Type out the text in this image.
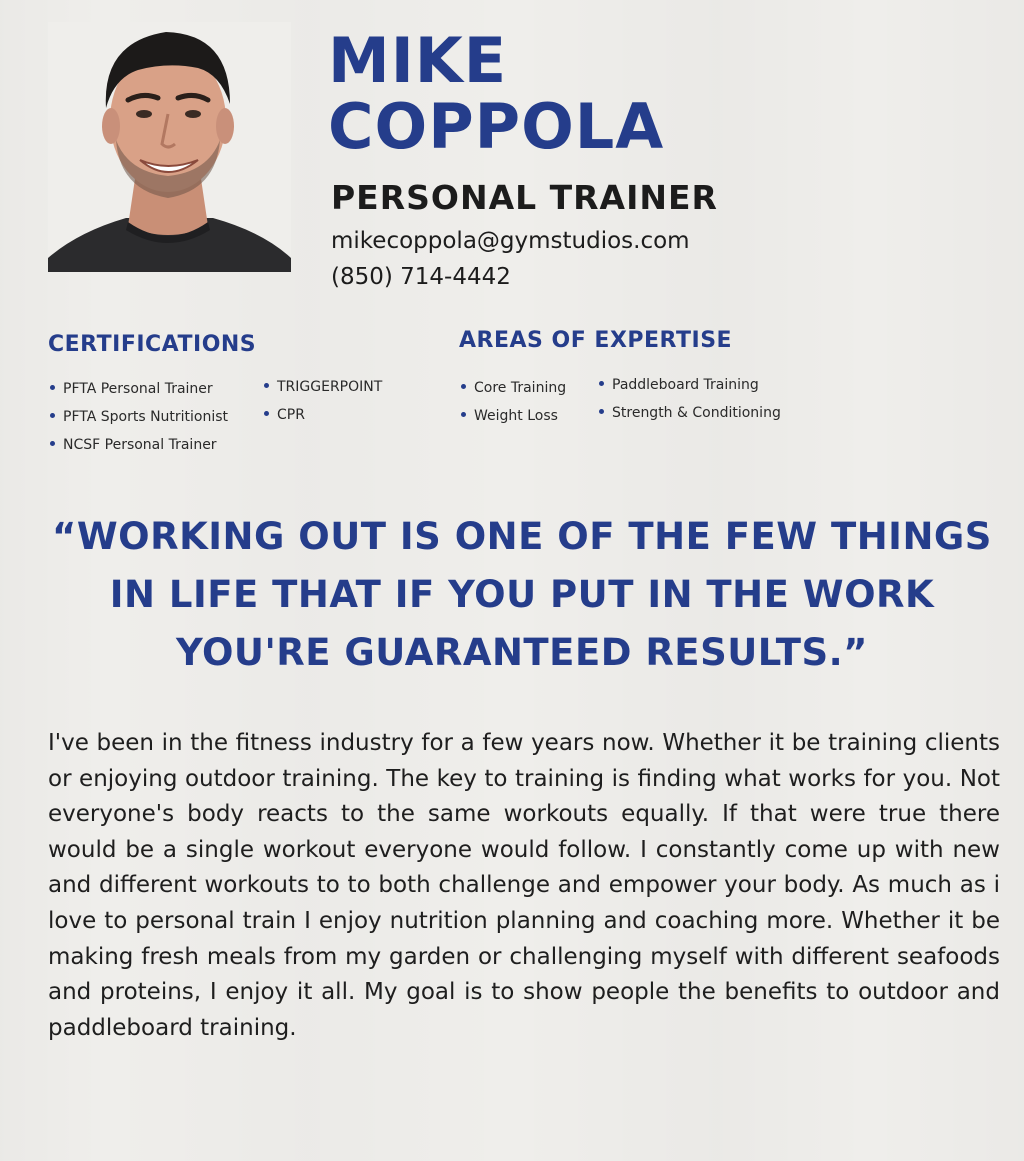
MIKE
COPPOLA
PERSONAL TRAINER
mikecoppola@gymstudios.com
(850) 714-4442
CERTIFICATIONS
PFTA Personal Trainer
PFTA Sports Nutritionist
NCSF Personal Trainer
TRIGGERPOINT
CPR
AREAS OF EXPERTISE
Core Training
Weight Loss
Paddleboard Training
Strength & Conditioning

“WORKING OUT IS ONE OF THE FEW THINGS IN LIFE THAT IF YOU PUT IN THE WORK YOU'RE GUARANTEED RESULTS.”

I've been in the fitness industry for a few years now. Whether it be training clients or enjoying outdoor training. The key to training is finding what works for you. Not everyone's body reacts to the same workouts equally. If that were true there would be a single workout everyone would follow. I constantly come up with new and different workouts to to both challenge and empower your body. As much as i love to personal train I enjoy nutrition planning and coaching more. Whether it be making fresh meals from my garden or challenging myself with different seafoods and proteins, I enjoy it all. My goal is to show people the benefits to outdoor and paddleboard training.
